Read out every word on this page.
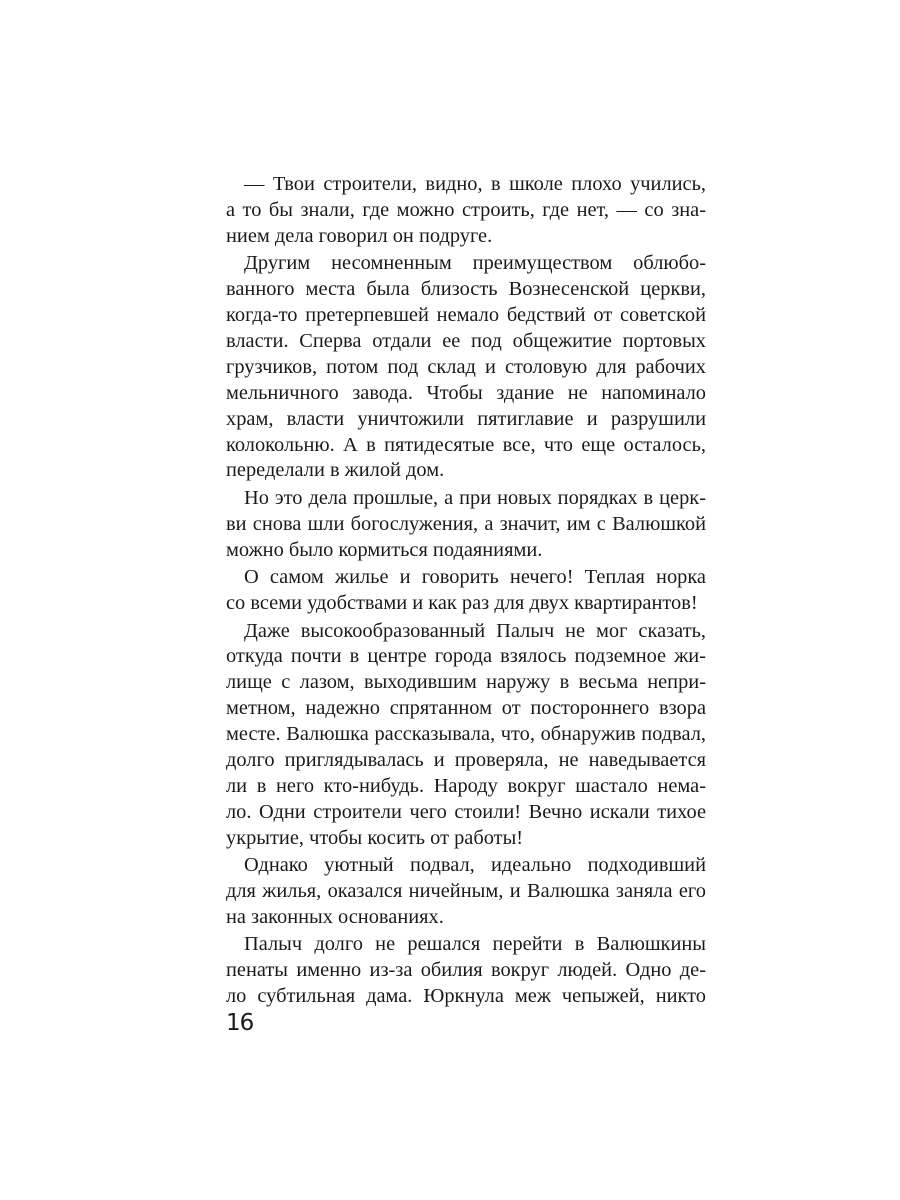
— Твои строители, видно, в школе плохо учились,
а то бы знали, где можно строить, где нет, — со зна-
нием дела говорил он подруге.
Другим несомненным преимуществом облюбо-
ванного места была близость Вознесенской церкви,
когда-то претерпевшей немало бедствий от советской
власти. Сперва отдали ее под общежитие портовых
грузчиков, потом под склад и столовую для рабочих
мельничного завода. Чтобы здание не напоминало
храм, власти уничтожили пятиглавие и разрушили
колокольню. А в пятидесятые все, что еще осталось,
переделали в жилой дом.
Но это дела прошлые, а при новых порядках в церк-
ви снова шли богослужения, а значит, им с Валюшкой
можно было кормиться подаяниями.
О самом жилье и говорить нечего! Теплая норка
со всеми удобствами и как раз для двух квартирантов!
Даже высокообразованный Палыч не мог сказать,
откуда почти в центре города взялось подземное жи-
лище с лазом, выходившим наружу в весьма непри-
метном, надежно спрятанном от постороннего взора
месте. Валюшка рассказывала, что, обнаружив подвал,
долго приглядывалась и проверяла, не наведывается
ли в него кто-нибудь. Народу вокруг шастало нема-
ло. Одни строители чего стоили! Вечно искали тихое
укрытие, чтобы косить от работы!
Однако уютный подвал, идеально подходивший
для жилья, оказался ничейным, и Валюшка заняла его
на законных основаниях.
Палыч долго не решался перейти в Валюшкины
пенаты именно из-за обилия вокруг людей. Одно де-
ло субтильная дама. Юркнула меж чепыжей, никто
16
